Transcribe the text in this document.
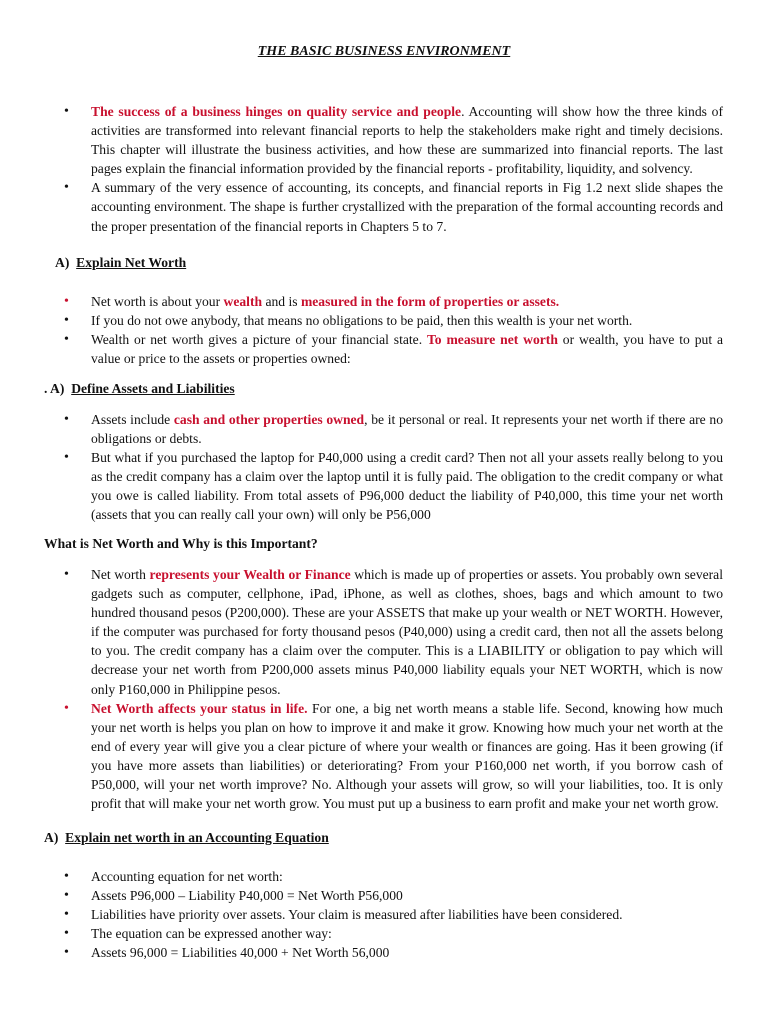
THE BASIC BUSINESS ENVIRONMENT
• The success of a business hinges on quality service and people. Accounting will show how the three kinds of activities are transformed into relevant financial reports to help the stakeholders make right and timely decisions. This chapter will illustrate the business activities, and how these are summarized into financial reports. The last pages explain the financial information provided by the financial reports - profitability, liquidity, and solvency.
• A summary of the very essence of accounting, its concepts, and financial reports in Fig 1.2 next slide shapes the accounting environment. The shape is further crystallized with the preparation of the formal accounting records and the proper presentation of the financial reports in Chapters 5 to 7.
A) Explain Net Worth
• Net worth is about your wealth and is measured in the form of properties or assets.
• If you do not owe anybody, that means no obligations to be paid, then this wealth is your net worth.
• Wealth or net worth gives a picture of your financial state. To measure net worth or wealth, you have to put a value or price to the assets or properties owned:
. A) Define Assets and Liabilities
• Assets include cash and other properties owned, be it personal or real. It represents your net worth if there are no obligations or debts.
• But what if you purchased the laptop for P40,000 using a credit card? Then not all your assets really belong to you as the credit company has a claim over the laptop until it is fully paid. The obligation to the credit company or what you owe is called liability. From total assets of P96,000 deduct the liability of P40,000, this time your net worth (assets that you can really call your own) will only be P56,000
What is Net Worth and Why is this Important?
• Net worth represents your Wealth or Finance which is made up of properties or assets. You probably own several gadgets such as computer, cellphone, iPad, iPhone, as well as clothes, shoes, bags and which amount to two hundred thousand pesos (P200,000). These are your ASSETS that make up your wealth or NET WORTH. However, if the computer was purchased for forty thousand pesos (P40,000) using a credit card, then not all the assets belong to you. The credit company has a claim over the computer. This is a LIABILITY or obligation to pay which will decrease your net worth from P200,000 assets minus P40,000 liability equals your NET WORTH, which is now only P160,000 in Philippine pesos.
• Net Worth affects your status in life. For one, a big net worth means a stable life. Second, knowing how much your net worth is helps you plan on how to improve it and make it grow. Knowing how much your net worth at the end of every year will give you a clear picture of where your wealth or finances are going. Has it been growing (if you have more assets than liabilities) or deteriorating? From your P160,000 net worth, if you borrow cash of P50,000, will your net worth improve? No. Although your assets will grow, so will your liabilities, too. It is only profit that will make your net worth grow. You must put up a business to earn profit and make your net worth grow.
A) Explain net worth in an Accounting Equation
• Accounting equation for net worth:
• Assets P96,000 – Liability P40,000 = Net Worth P56,000
• Liabilities have priority over assets. Your claim is measured after liabilities have been considered.
• The equation can be expressed another way:
• Assets 96,000 = Liabilities 40,000 + Net Worth 56,000
